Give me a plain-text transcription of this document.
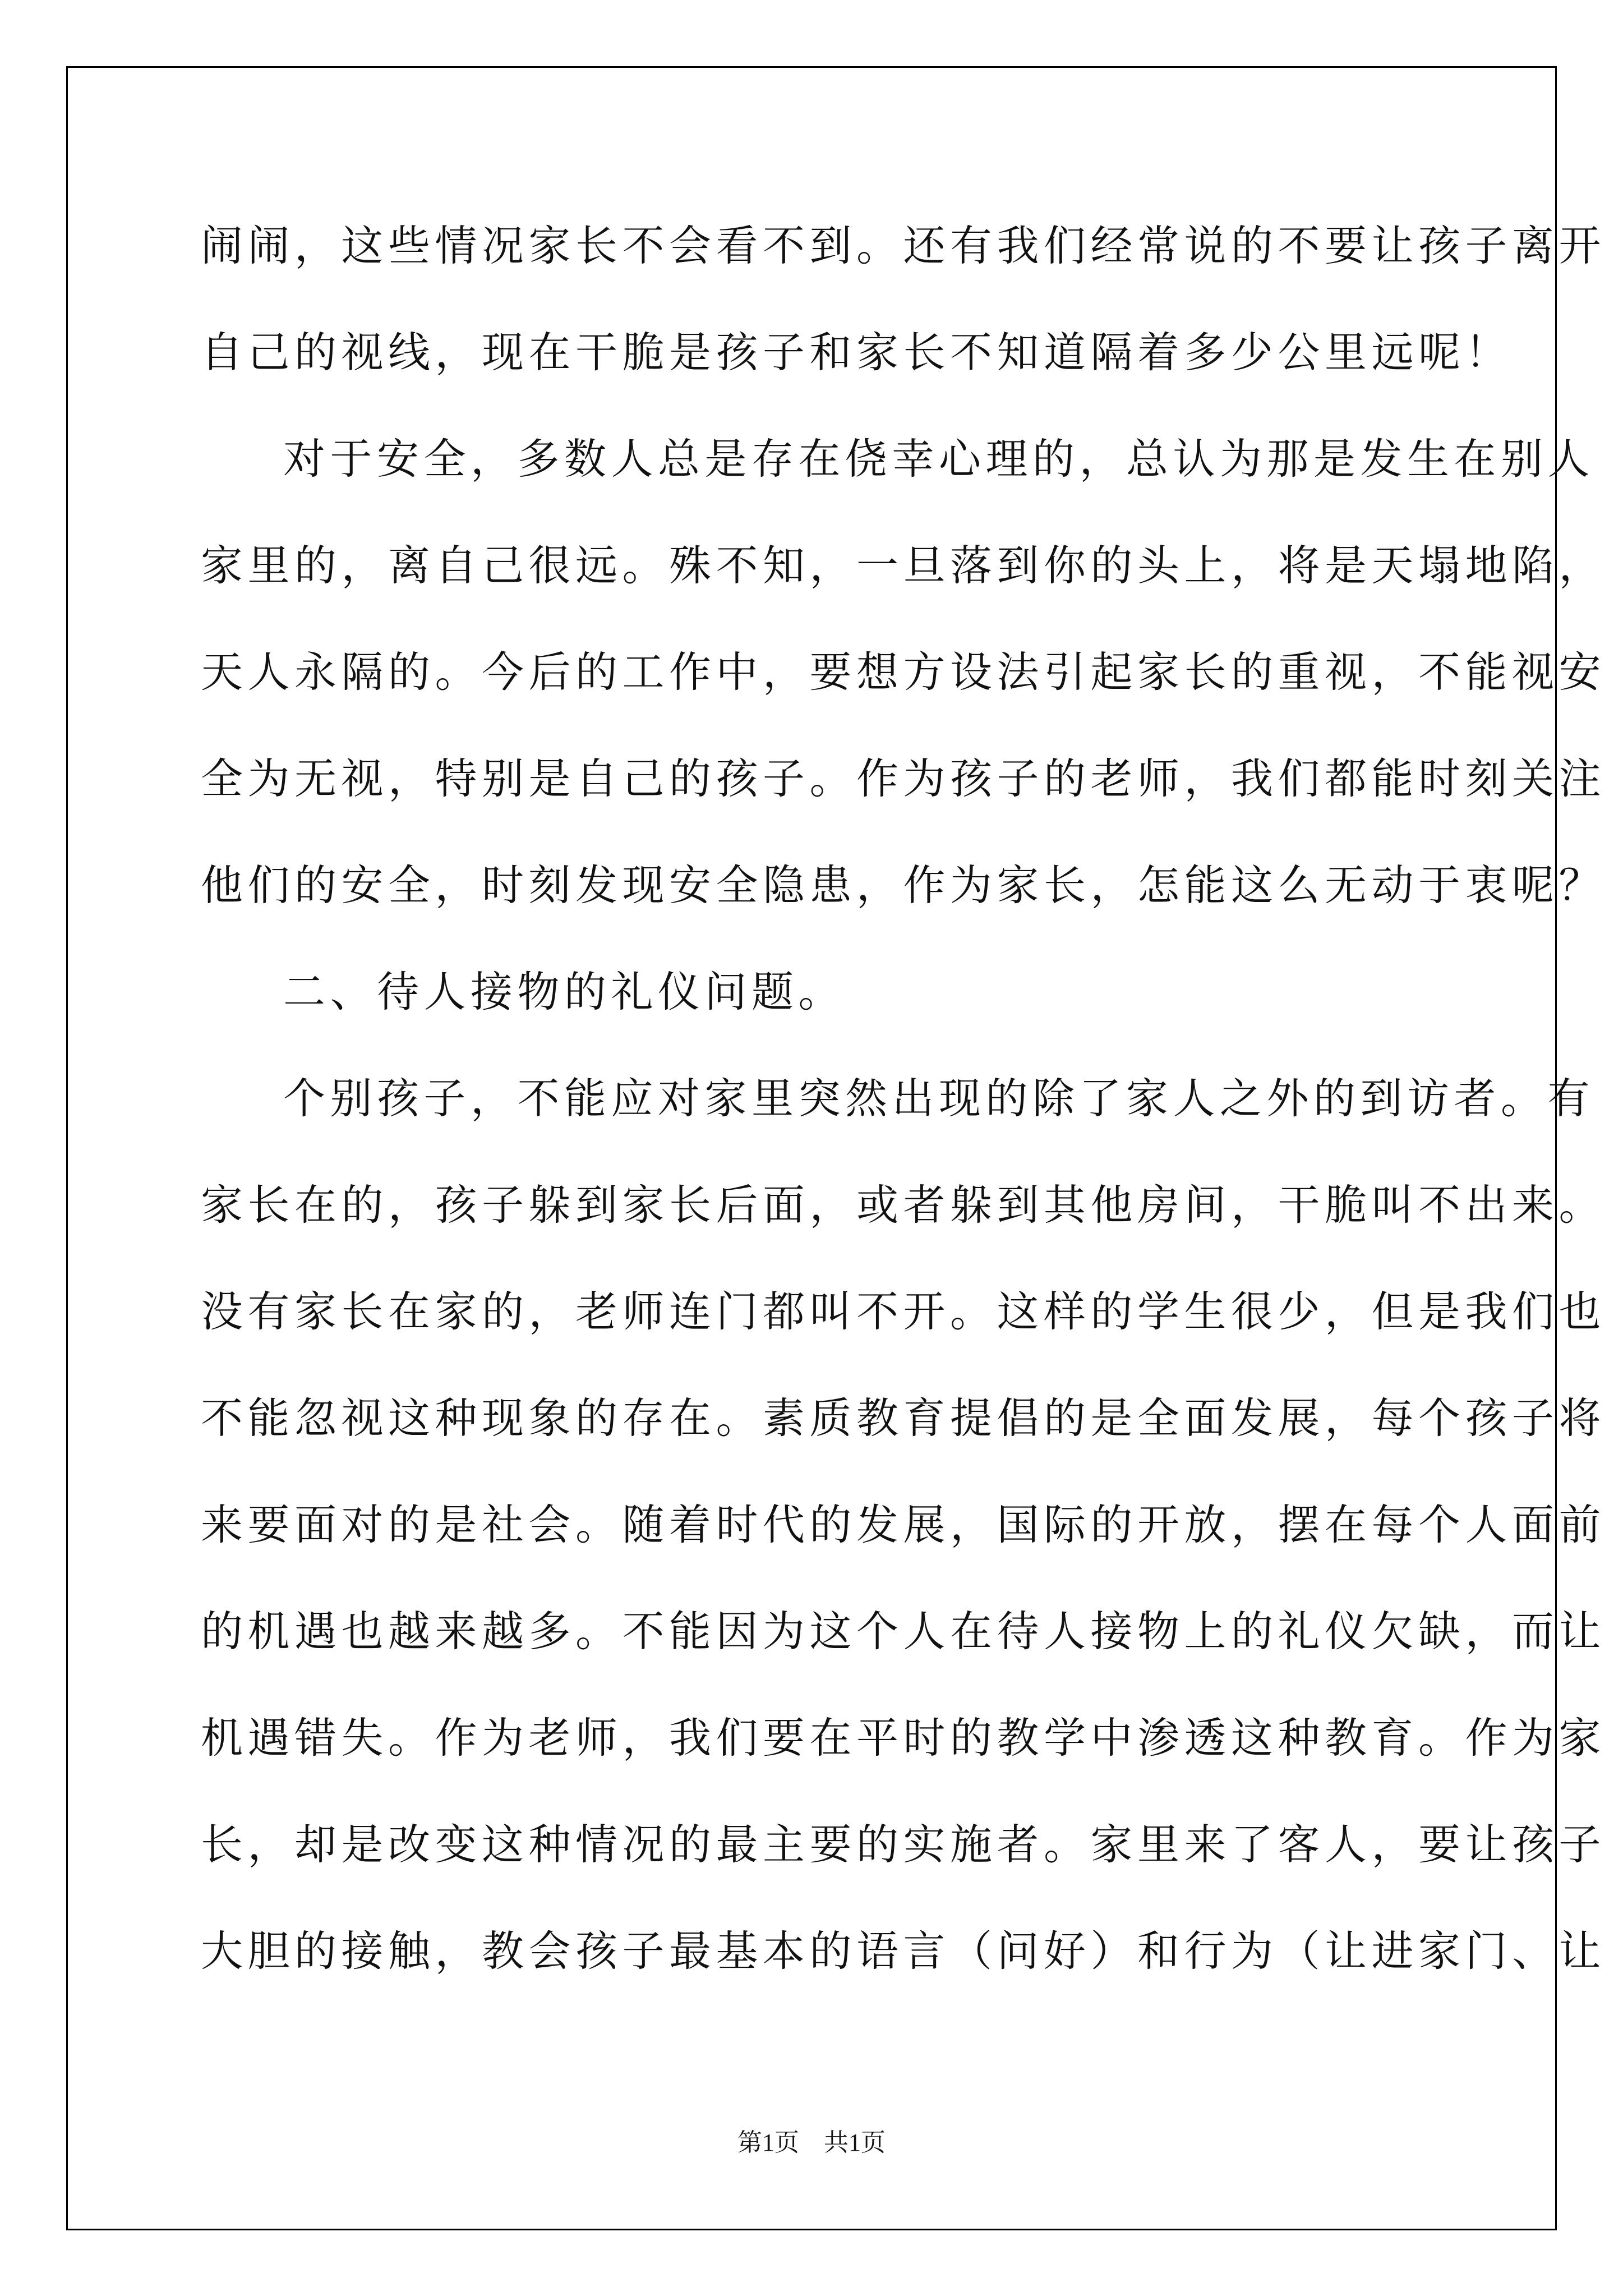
闹闹，这些情况家长不会看不到。还有我们经常说的不要让孩子离开

自己的视线，现在干脆是孩子和家长不知道隔着多少公里远呢！

对于安全，多数人总是存在侥幸心理的，总认为那是发生在别人

家里的，离自己很远。殊不知，一旦落到你的头上，将是天塌地陷，

天人永隔的。今后的工作中，要想方设法引起家长的重视，不能视安

全为无视，特别是自己的孩子。作为孩子的老师，我们都能时刻关注

他们的安全，时刻发现安全隐患，作为家长，怎能这么无动于衷呢？

二、待人接物的礼仪问题。

个别孩子，不能应对家里突然出现的除了家人之外的到访者。有

家长在的，孩子躲到家长后面，或者躲到其他房间，干脆叫不出来。

没有家长在家的，老师连门都叫不开。这样的学生很少，但是我们也

不能忽视这种现象的存在。素质教育提倡的是全面发展，每个孩子将

来要面对的是社会。随着时代的发展，国际的开放，摆在每个人面前

的机遇也越来越多。不能因为这个人在待人接物上的礼仪欠缺，而让

机遇错失。作为老师，我们要在平时的教学中渗透这种教育。作为家

长，却是改变这种情况的最主要的实施者。家里来了客人，要让孩子

大胆的接触，教会孩子最基本的语言（问好）和行为（让进家门、让

第1页　共1页
